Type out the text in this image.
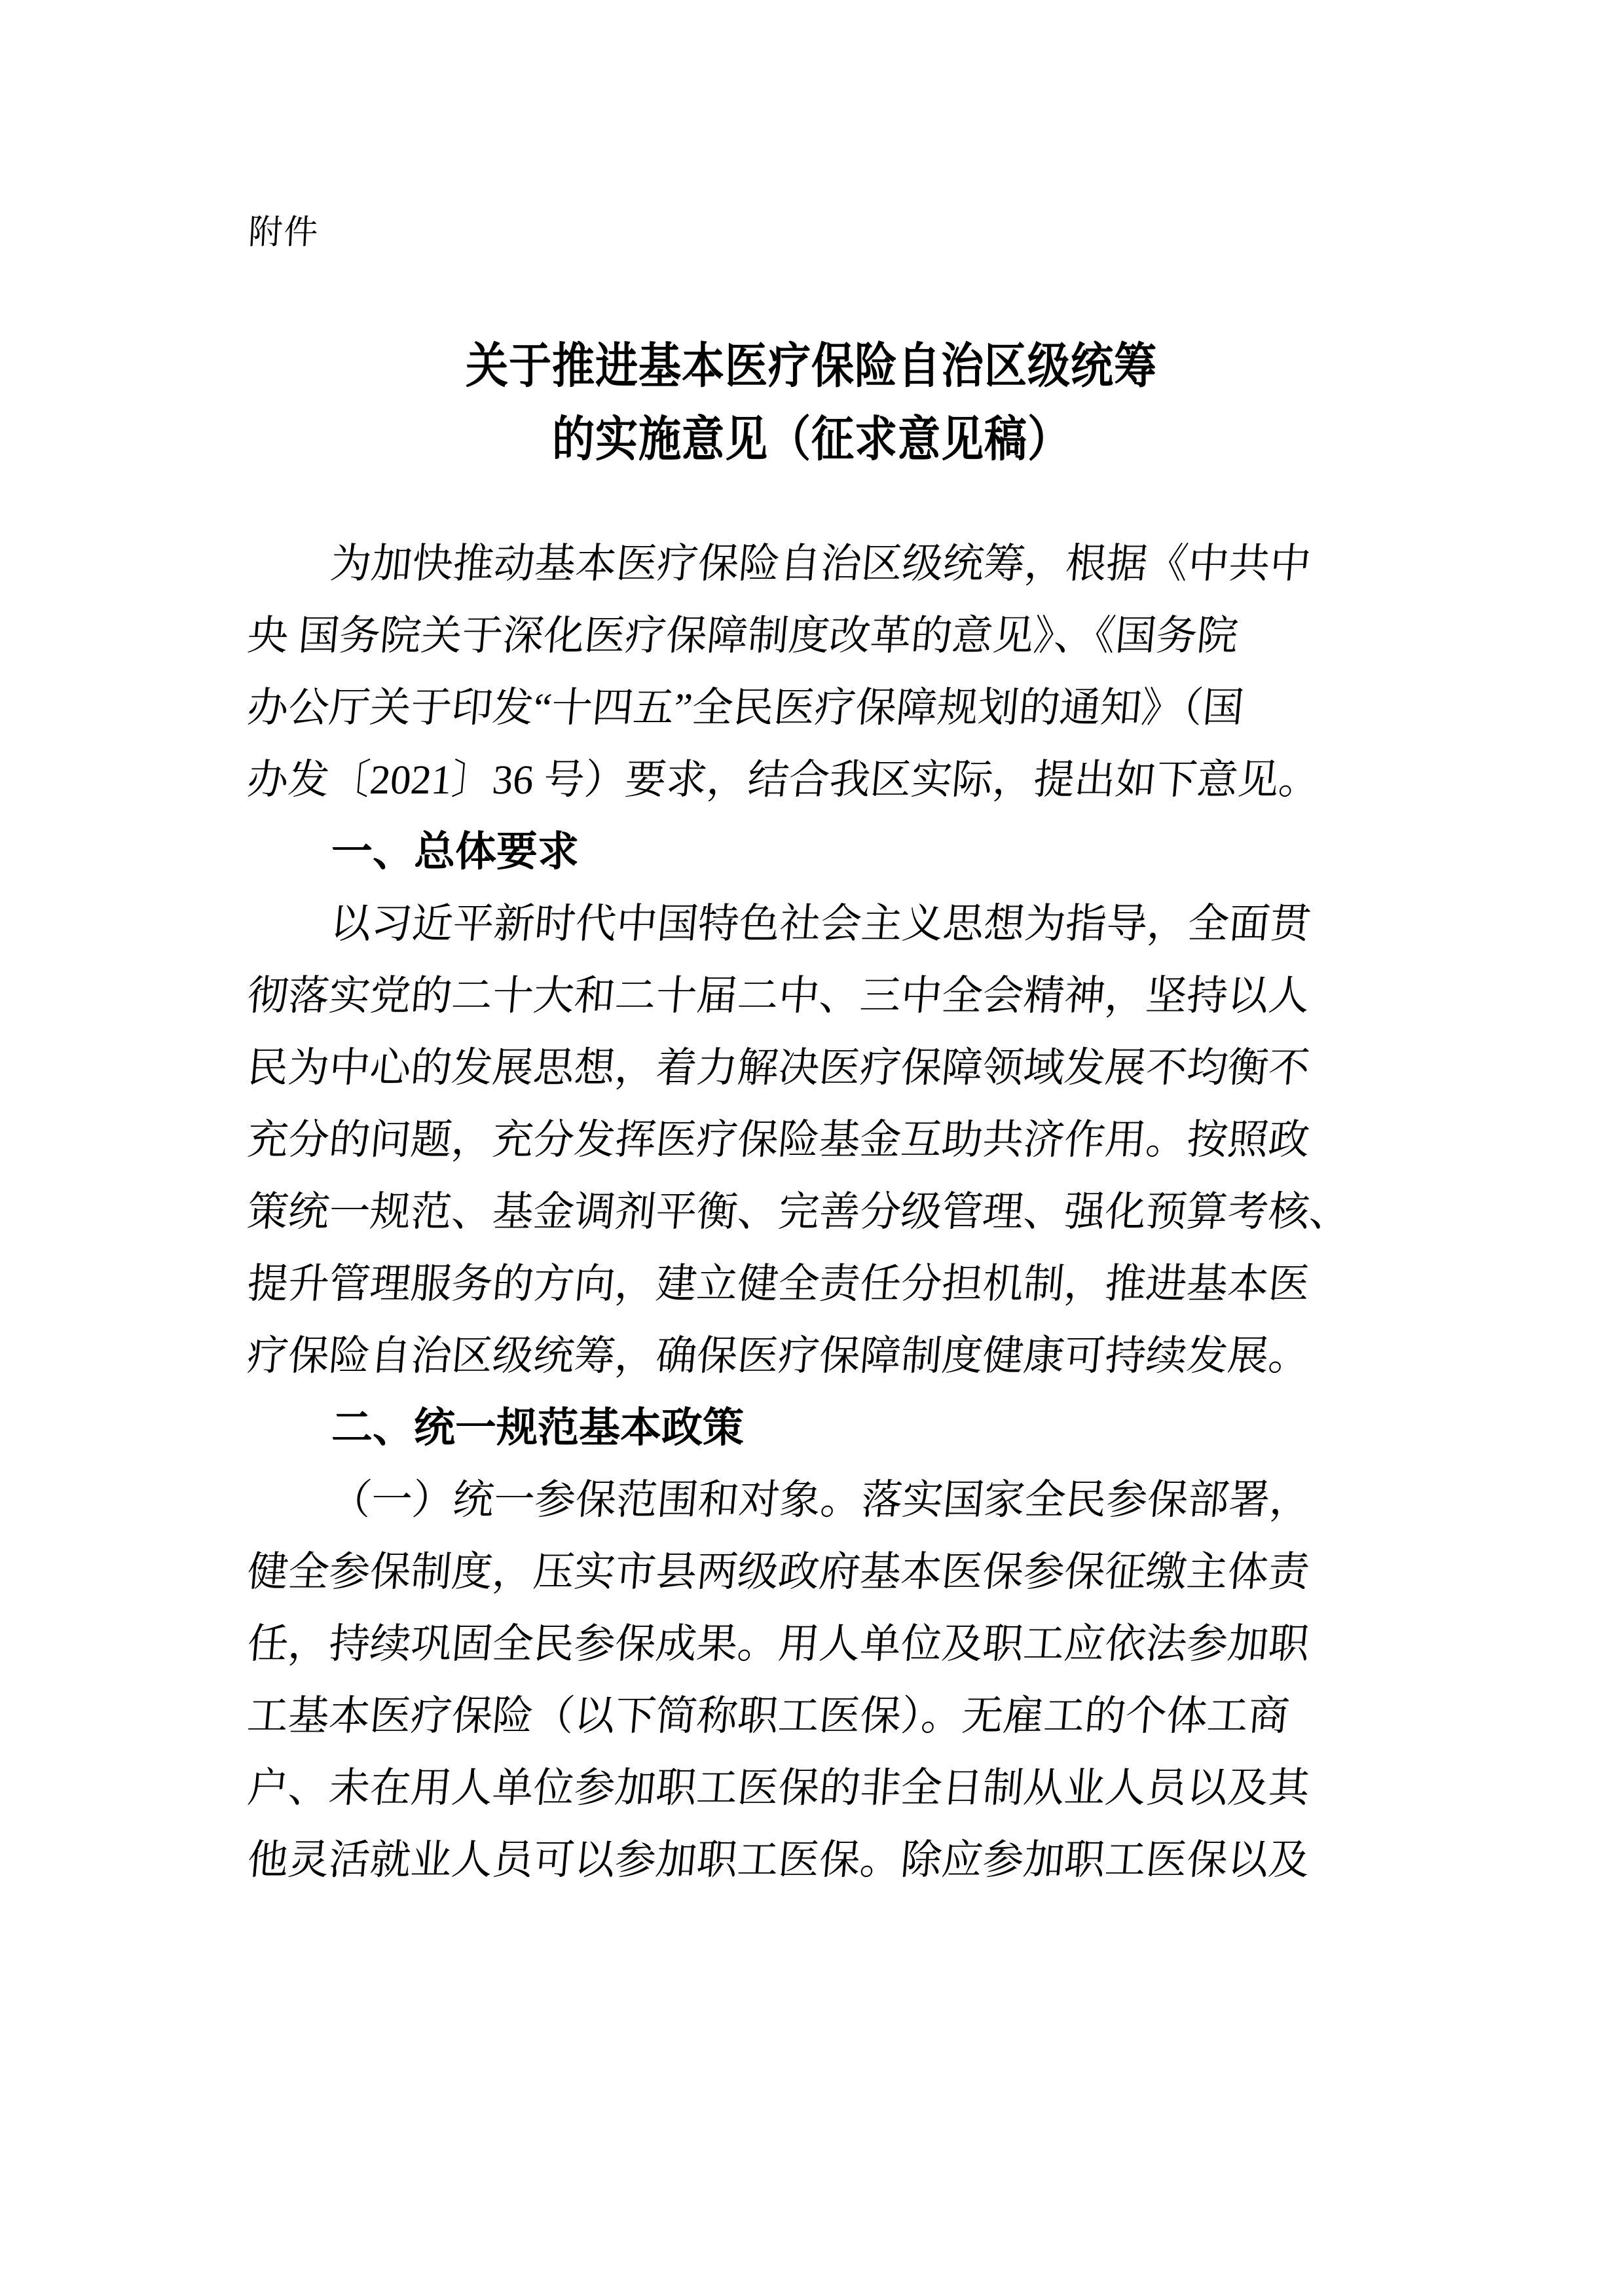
附件
关于推进基本医疗保险自治区级统筹
的实施意见（征求意见稿）
为加快推动基本医疗保险自治区级统筹，根据《中共中
央 国务院关于深化医疗保障制度改革的意见》、《国务院
办公厅关于印发“十四五”全民医疗保障规划的通知》（国
办发〔2021〕36 号）要求，结合我区实际，提出如下意见。
一、总体要求
以习近平新时代中国特色社会主义思想为指导，全面贯
彻落实党的二十大和二十届二中、三中全会精神，坚持以人
民为中心的发展思想，着力解决医疗保障领域发展不均衡不
充分的问题，充分发挥医疗保险基金互助共济作用。按照政
策统一规范、基金调剂平衡、完善分级管理、强化预算考核、
提升管理服务的方向，建立健全责任分担机制，推进基本医
疗保险自治区级统筹，确保医疗保障制度健康可持续发展。
二、统一规范基本政策
（一）统一参保范围和对象。落实国家全民参保部署，
健全参保制度，压实市县两级政府基本医保参保征缴主体责
任，持续巩固全民参保成果。用人单位及职工应依法参加职
工基本医疗保险（以下简称职工医保）。无雇工的个体工商
户、未在用人单位参加职工医保的非全日制从业人员以及其
他灵活就业人员可以参加职工医保。除应参加职工医保以及
